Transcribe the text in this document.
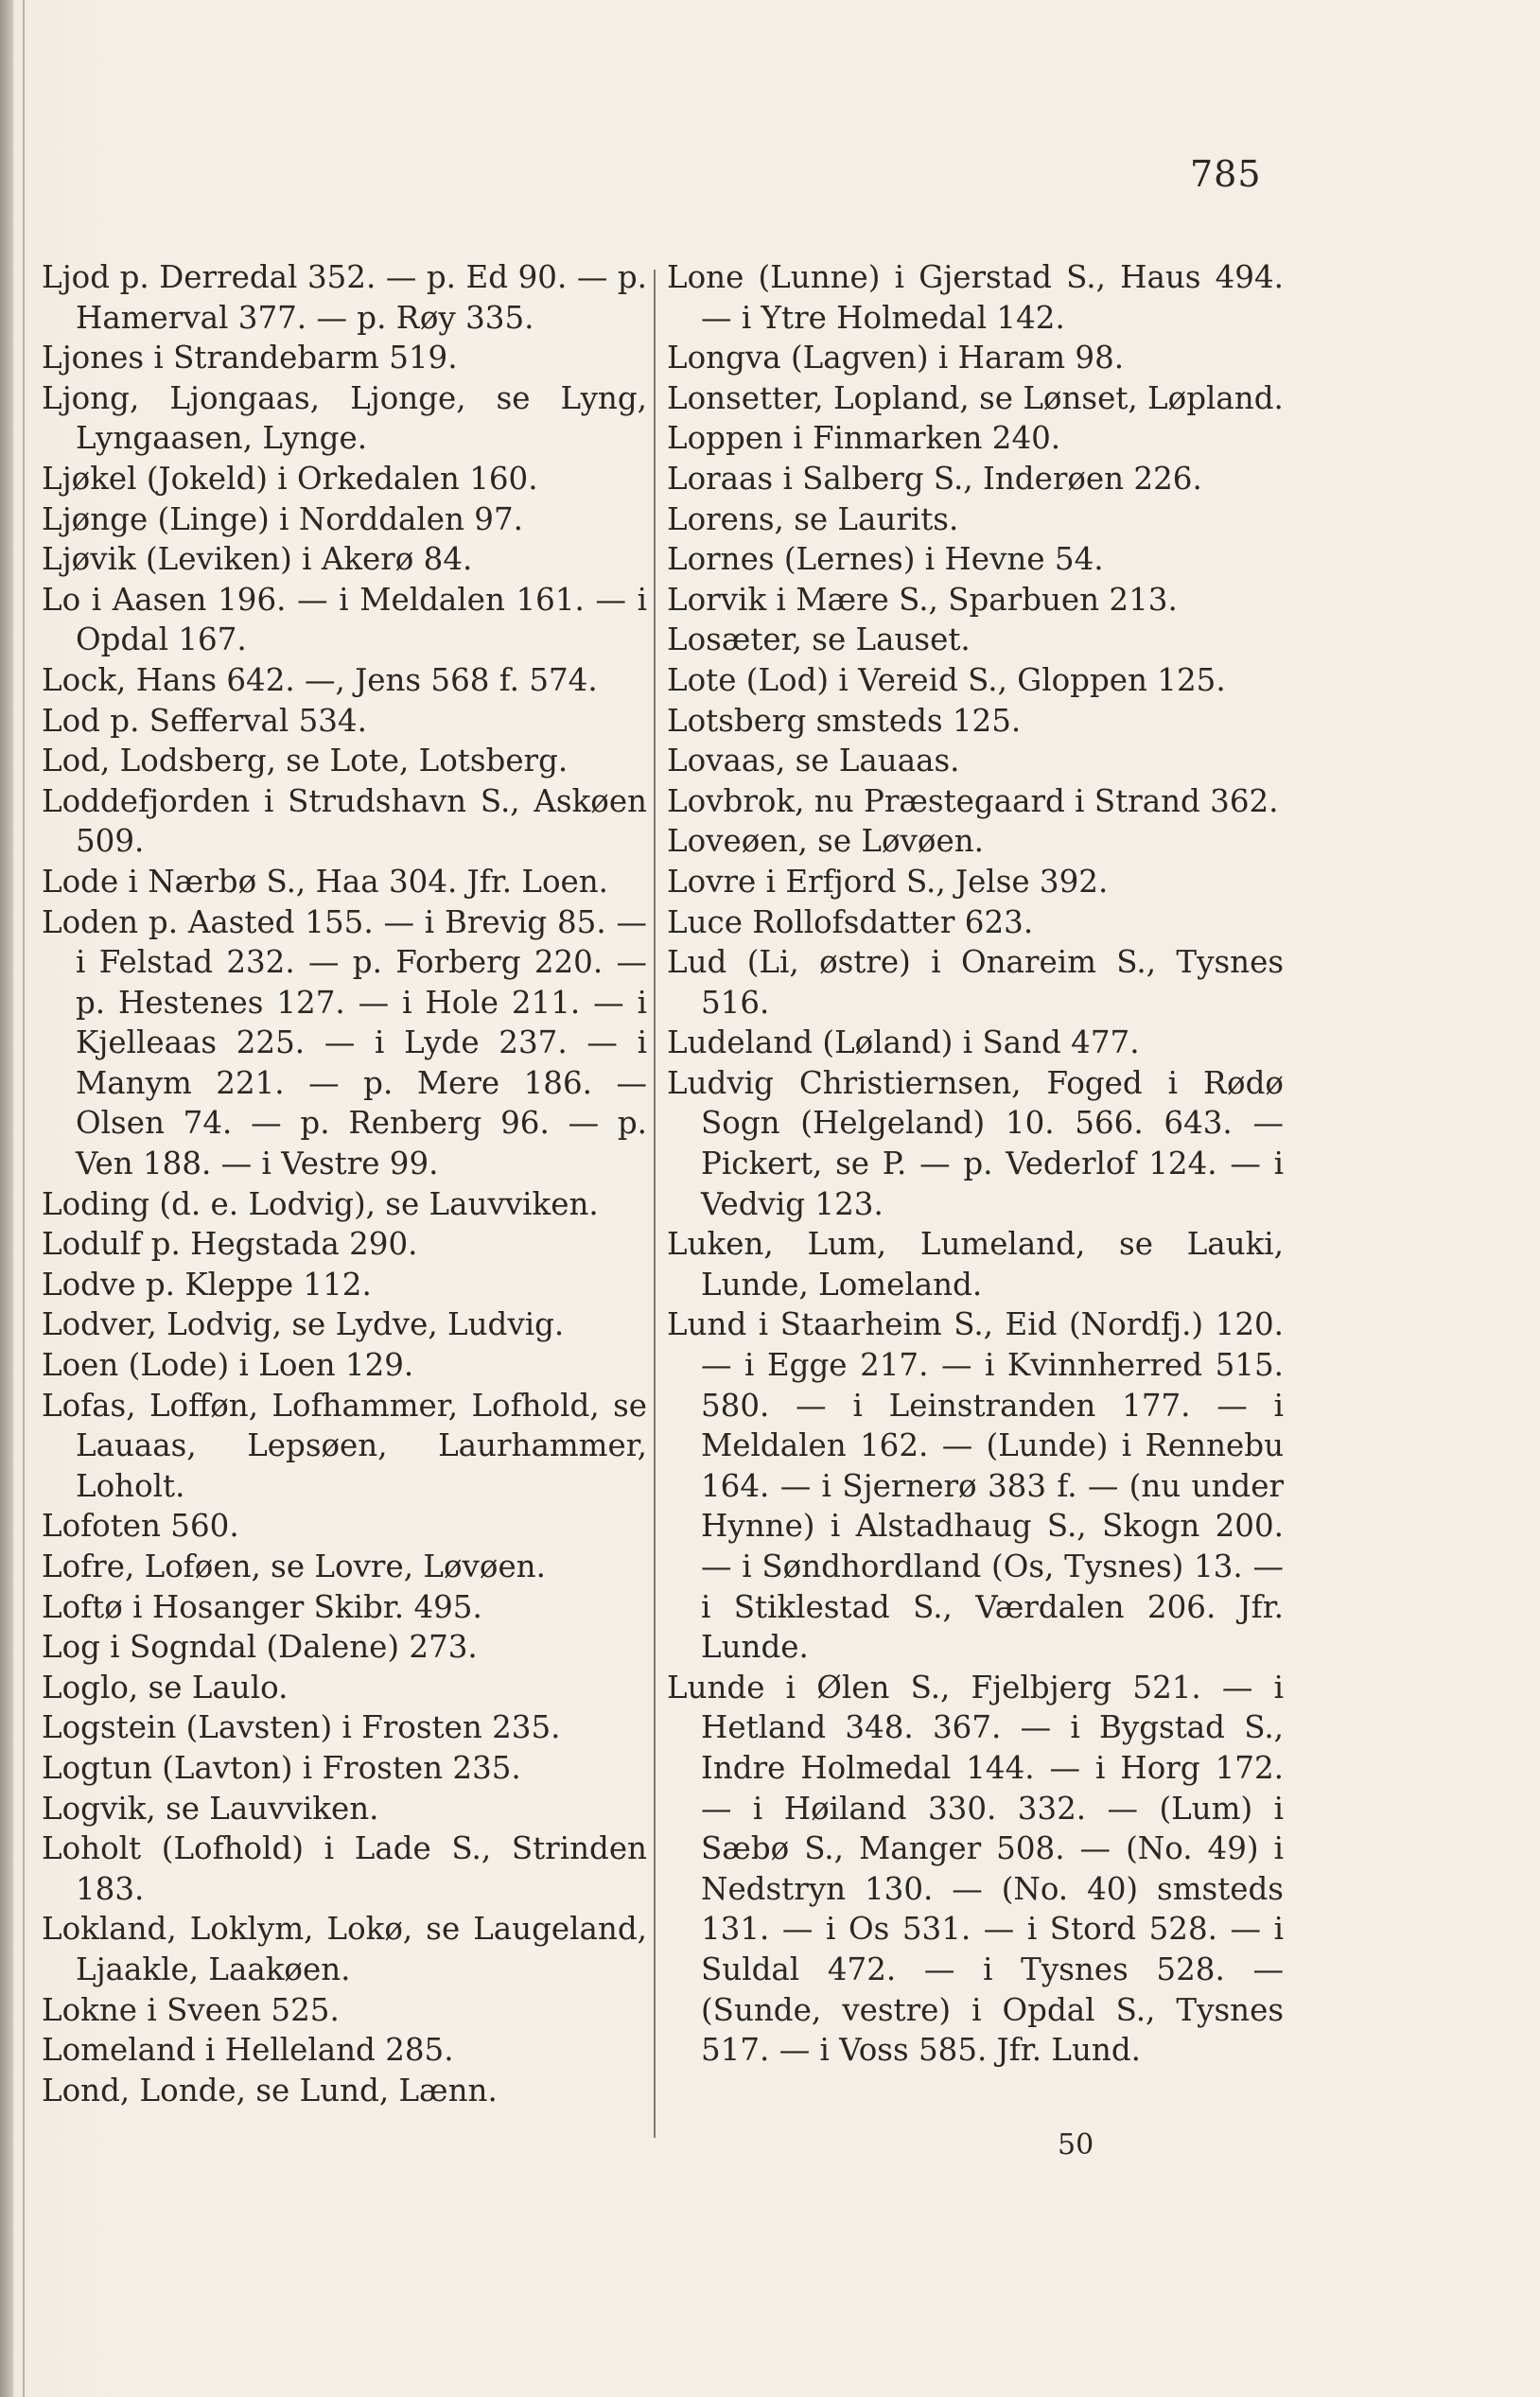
785

Ljod p. Derredal 352. — p. Ed 90. — p. Hamerval 377. — p. Røy 335.

Ljones i Strandebarm 519.

Ljong, Ljongaas, Ljonge, se Lyng, Lyngaasen, Lynge.

Ljøkel (Jokeld) i Orkedalen 160.

Ljønge (Linge) i Norddalen 97.

Ljøvik (Leviken) i Akerø 84.

Lo i Aasen 196. — i Meldalen 161. — i Opdal 167.

Lock, Hans 642. —, Jens 568 f. 574.

Lod p. Sefferval 534.

Lod, Lodsberg, se Lote, Lotsberg.

Loddefjorden i Strudshavn S., Askøen 509.

Lode i Nærbø S., Haa 304. Jfr. Loen.

Loden p. Aasted 155. — i Brevig 85. — i Felstad 232. — p. Forberg 220. — p. Hestenes 127. — i Hole 211. — i Kjelleaas 225. — i Lyde 237. — i Manym 221. — p. Mere 186. — Olsen 74. — p. Renberg 96. — p. Ven 188. — i Vestre 99.

Loding (d. e. Lodvig), se Lauvviken.

Lodulf p. Hegstada 290.

Lodve p. Kleppe 112.

Lodver, Lodvig, se Lydve, Ludvig.

Loen (Lode) i Loen 129.

Lofas, Lofføn, Lofhammer, Lofhold, se Lauaas, Lepsøen, Laurhammer, Loholt.

Lofoten 560.

Lofre, Loføen, se Lovre, Løvøen.

Loftø i Hosanger Skibr. 495.

Log i Sogndal (Dalene) 273.

Loglo, se Laulo.

Logstein (Lavsten) i Frosten 235.

Logtun (Lavton) i Frosten 235.

Logvik, se Lauvviken.

Loholt (Lofhold) i Lade S., Strinden 183.

Lokland, Loklym, Lokø, se Laugeland, Ljaakle, Laakøen.

Lokne i Sveen 525.

Lomeland i Helleland 285.

Lond, Londe, se Lund, Lænn.

Lone (Lunne) i Gjerstad S., Haus 494. — i Ytre Holmedal 142.

Longva (Lagven) i Haram 98.

Lonsetter, Lopland, se Lønset, Løpland.

Loppen i Finmarken 240.

Loraas i Salberg S., Inderøen 226.

Lorens, se Laurits.

Lornes (Lernes) i Hevne 54.

Lorvik i Mære S., Sparbuen 213.

Losæter, se Lauset.

Lote (Lod) i Vereid S., Gloppen 125.

Lotsberg smsteds 125.

Lovaas, se Lauaas.

Lovbrok, nu Præstegaard i Strand 362.

Loveøen, se Løvøen.

Lovre i Erfjord S., Jelse 392.

Luce Rollofsdatter 623.

Lud (Li, østre) i Onareim S., Tysnes 516.

Ludeland (Løland) i Sand 477.

Ludvig Christiernsen, Foged i Rødø Sogn (Helgeland) 10. 566. 643. — Pickert, se P. — p. Vederlof 124. — i Vedvig 123.

Luken, Lum, Lumeland, se Lauki, Lunde, Lomeland.

Lund i Staarheim S., Eid (Nordfj.) 120. — i Egge 217. — i Kvinnherred 515. 580. — i Leinstranden 177. — i Meldalen 162. — (Lunde) i Rennebu 164. — i Sjernerø 383 f. — (nu under Hynne) i Alstadhaug S., Skogn 200. — i Søndhordland (Os, Tysnes) 13. — i Stiklestad S., Værdalen 206. Jfr. Lunde.

Lunde i Ølen S., Fjelbjerg 521. — i Hetland 348. 367. — i Bygstad S., Indre Holmedal 144. — i Horg 172. — i Høiland 330. 332. — (Lum) i Sæbø S., Manger 508. — (No. 49) i Nedstryn 130. — (No. 40) smsteds 131. — i Os 531. — i Stord 528. — i Suldal 472. — i Tysnes 528. — (Sunde, vestre) i Opdal S., Tysnes 517. — i Voss 585. Jfr. Lund.

50
